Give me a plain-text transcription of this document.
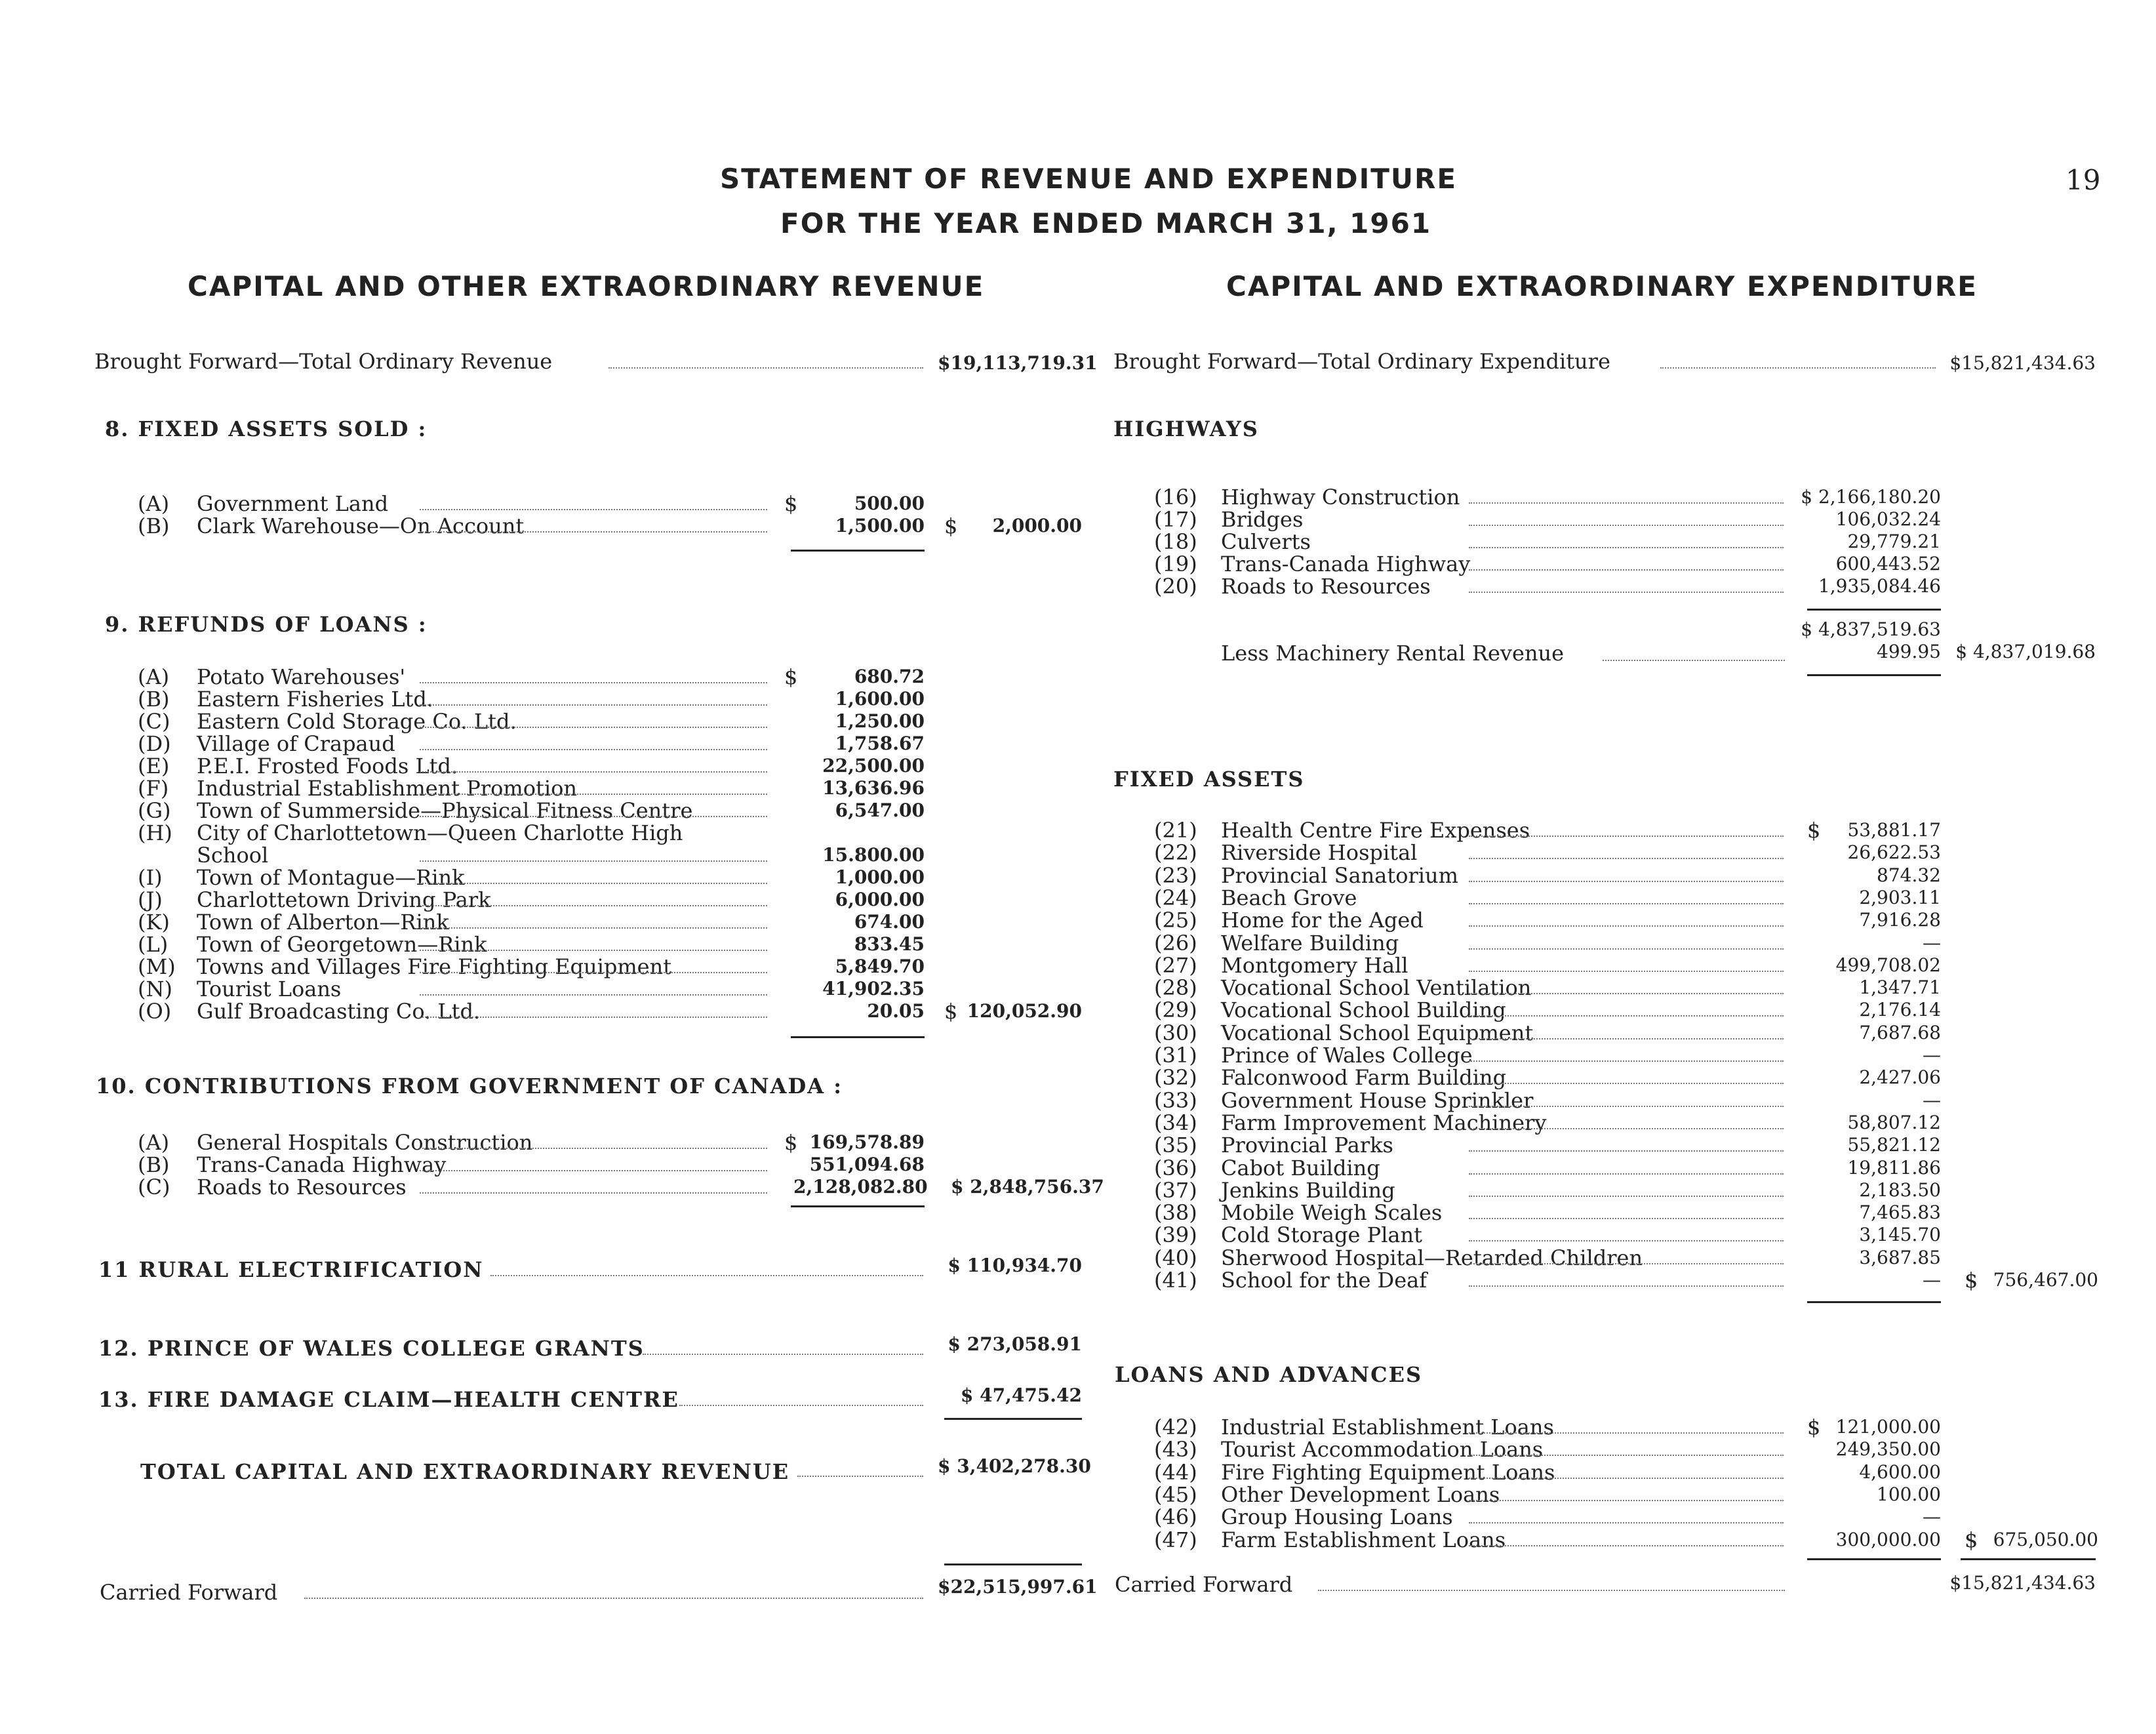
STATEMENT OF REVENUE AND EXPENDITURE
FOR THE YEAR ENDED MARCH 31, 1961
19
CAPITAL AND OTHER EXTRAORDINARY REVENUE	CAPITAL AND EXTRAORDINARY EXPENDITURE
Brought Forward—Total Ordinary Revenue	$19,113,719.31
8. FIXED ASSETS SOLD :
(A) Government Land	$	500.00
(B) Clark Warehouse—On Account	1,500.00 $	2,000.00
9. REFUNDS OF LOANS :
(A) Potato Warehouses'	$	680.72
(B) Eastern Fisheries Ltd.	1,600.00
(C) Eastern Cold Storage Co. Ltd.	1,250.00
(D) Village of Crapaud	1,758.67
(E) P.E.I. Frosted Foods Ltd.	22,500.00
(F) Industrial Establishment Promotion	13,636.96
(G) Town of Summerside—Physical Fitness Centre	6,547.00
(H) City of Charlottetown—Queen Charlotte High
School	15.800.00
(I) Town of Montague—Rink	1,000.00
(J) Charlottetown Driving Park	6,000.00
(K) Town of Alberton—Rink	674.00
(L) Town of Georgetown—Rink	833.45
(M) Towns and Villages Fire Fighting Equipment	5,849.70
(N) Tourist Loans	41,902.35
(O) Gulf Broadcasting Co. Ltd.	20.05 $ 120,052.90
10. CONTRIBUTIONS FROM GOVERNMENT OF CANADA :
(A) General Hospitals Construction	$ 169,578.89
(B) Trans-Canada Highway	551,094.68
(C) Roads to Resources	2,128,082.80 $ 2,848,756.37
11 RURAL ELECTRIFICATION	$ 110,934.70
12. PRINCE OF WALES COLLEGE GRANTS	$ 273,058.91
13. FIRE DAMAGE CLAIM—HEALTH CENTRE	$ 47,475.42
TOTAL CAPITAL AND EXTRAORDINARY REVENUE	$ 3,402,278.30
Carried Forward	$22,515,997.61
Brought Forward—Total Ordinary Expenditure	$15,821,434.63
HIGHWAYS
(16) Highway Construction	$ 2,166,180.20
(17) Bridges	106,032.24
(18) Culverts	29,779.21
(19) Trans-Canada Highway	600,443.52
(20) Roads to Resources	1,935,084.46
$ 4,837,519.63
Less Machinery Rental Revenue	499.95 $ 4,837,019.68
FIXED ASSETS
(21) Health Centre Fire Expenses	$	53,881.17
(22) Riverside Hospital	26,622.53
(23) Provincial Sanatorium	874.32
(24) Beach Grove	2,903.11
(25) Home for the Aged	7,916.28
(26) Welfare Building	—
(27) Montgomery Hall	499,708.02
(28) Vocational School Ventilation	1,347.71
(29) Vocational School Building	2,176.14
(30) Vocational School Equipment	7,687.68
(31) Prince of Wales College	—
(32) Falconwood Farm Building	2,427.06
(33) Government House Sprinkler	—
(34) Farm Improvement Machinery	58,807.12
(35) Provincial Parks	55,821.12
(36) Cabot Building	19,811.86
(37) Jenkins Building	2,183.50
(38) Mobile Weigh Scales	7,465.83
(39) Cold Storage Plant	3,145.70
(40) Sherwood Hospital—Retarded Children	3,687.85
(41) School for the Deaf	— $ 756,467.00
LOANS AND ADVANCES
(42) Industrial Establishment Loans	$ 121,000.00
(43) Tourist Accommodation Loans	249,350.00
(44) Fire Fighting Equipment Loans	4,600.00
(45) Other Development Loans	100.00
(46) Group Housing Loans	—
(47) Farm Establishment Loans	300,000.00 $ 675,050.00
Carried Forward	$15,821,434.63
